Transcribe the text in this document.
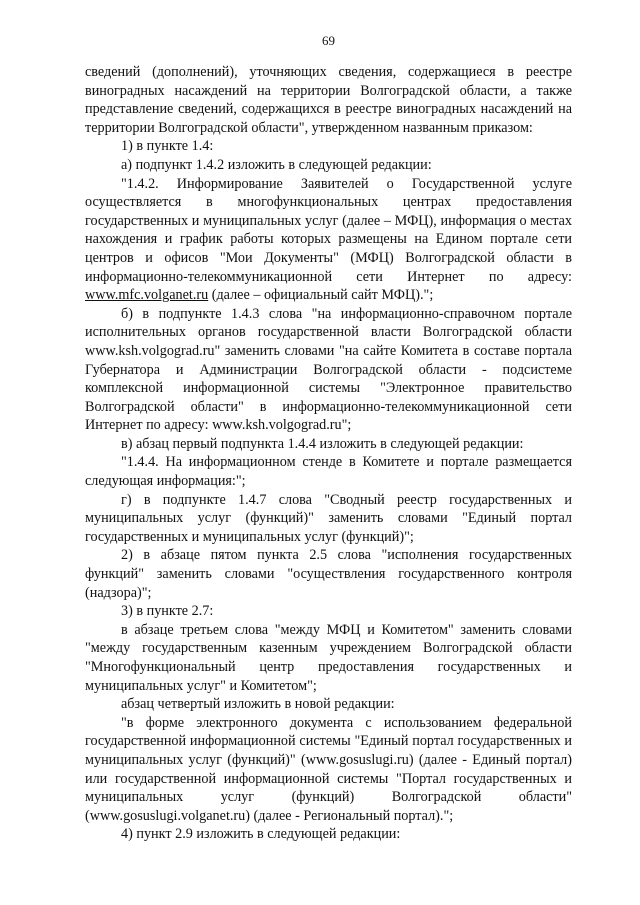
69

сведений (дополнений), уточняющих сведения, содержащиеся в реестре виноградных насаждений на территории Волгоградской области, а также представление сведений, содержащихся в реестре виноградных насаждений на территории Волгоградской области", утвержденном названным приказом:

1) в пункте 1.4:

а) подпункт 1.4.2 изложить в следующей редакции:

"1.4.2. Информирование Заявителей о Государственной услуге осуществляется в многофункциональных центрах предоставления государственных и муниципальных услуг (далее – МФЦ), информация о местах нахождения и график работы которых размещены на Едином портале сети центров и офисов "Мои Документы" (МФЦ) Волгоградской области в информационно-телекоммуникационной сети Интернет по адресу: www.mfc.volganet.ru (далее – официальный сайт МФЦ).";

б) в подпункте 1.4.3 слова "на информационно-справочном портале исполнительных органов государственной власти Волгоградской области www.ksh.volgograd.ru" заменить словами "на сайте Комитета в составе портала Губернатора и Администрации Волгоградской области - подсистеме комплексной информационной системы "Электронное правительство Волгоградской области" в информационно-телекоммуникационной сети Интернет по адресу: www.ksh.volgograd.ru";

в) абзац первый подпункта 1.4.4 изложить в следующей редакции:

"1.4.4. На информационном стенде в Комитете и портале размещается следующая информация:";

г) в подпункте 1.4.7 слова "Сводный реестр государственных и муниципальных услуг (функций)" заменить словами "Единый портал государственных и муниципальных услуг (функций)";

2) в абзаце пятом пункта 2.5 слова "исполнения государственных функций" заменить словами "осуществления государственного контроля (надзора)";

3) в пункте 2.7:

в абзаце третьем слова "между МФЦ и Комитетом" заменить словами "между государственным казенным учреждением Волгоградской области "Многофункциональный центр предоставления государственных и муниципальных услуг" и Комитетом";

абзац четвертый изложить в новой редакции:

"в форме электронного документа с использованием федеральной государственной информационной системы "Единый портал государственных и муниципальных услуг (функций)" (www.gosuslugi.ru) (далее - Единый портал) или государственной информационной системы "Портал государственных и муниципальных услуг (функций) Волгоградской области" (www.gosuslugi.volganet.ru) (далее - Региональный портал).";

4) пункт 2.9 изложить в следующей редакции:
